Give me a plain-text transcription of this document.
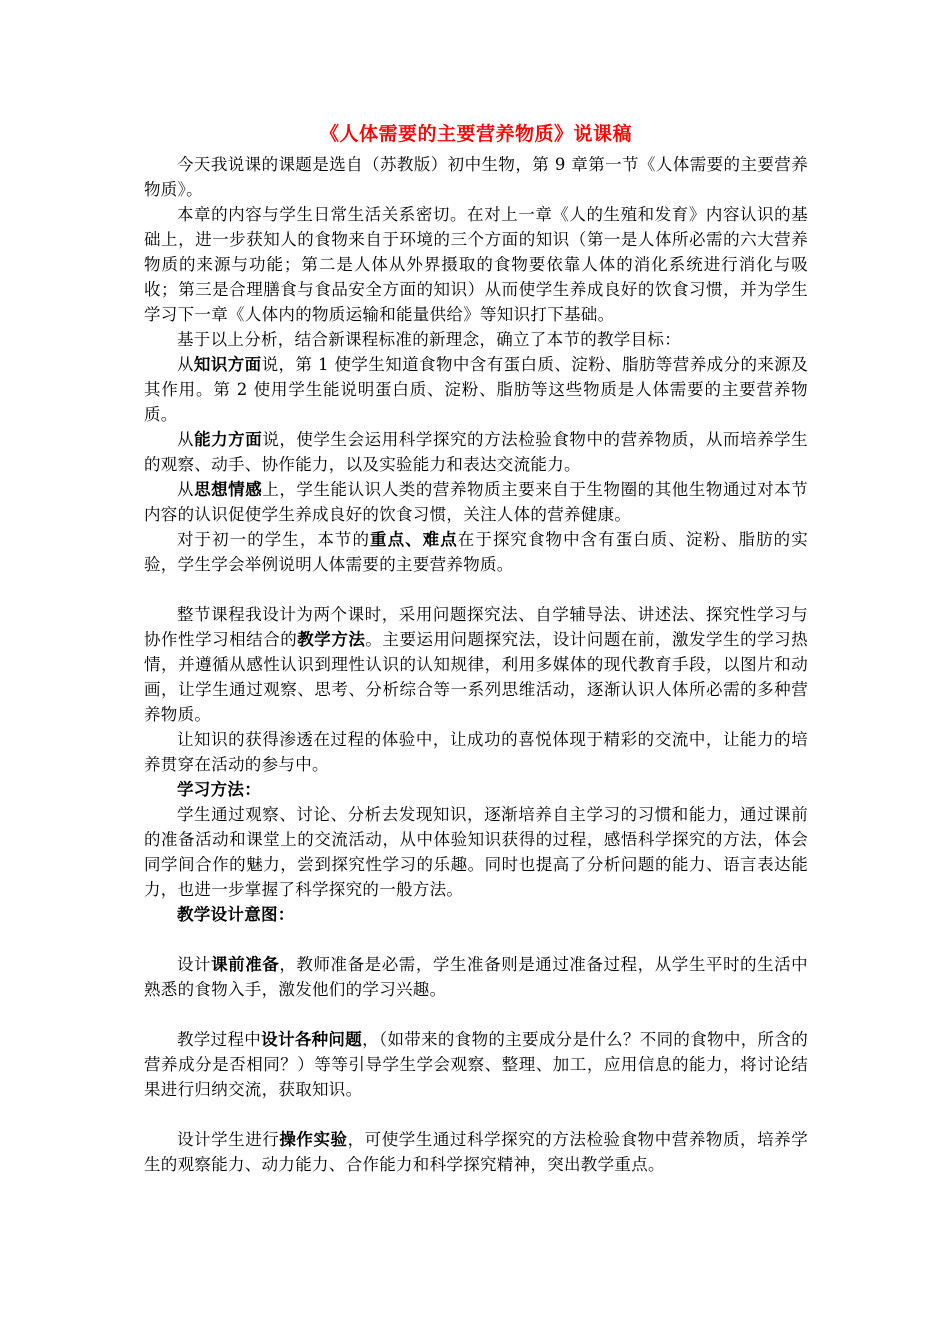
《人体需要的主要营养物质》说课稿

今天我说课的课题是选自（苏教版）初中生物，第 9 章第一节《人体需要的主要营养物质》。

本章的内容与学生日常生活关系密切。在对上一章《人的生殖和发育》内容认识的基础上，进一步获知人的食物来自于环境的三个方面的知识（第一是人体所必需的六大营养物质的来源与功能；第二是人体从外界摄取的食物要依靠人体的消化系统进行消化与吸收；第三是合理膳食与食品安全方面的知识）从而使学生养成良好的饮食习惯，并为学生学习下一章《人体内的物质运输和能量供给》等知识打下基础。

基于以上分析，结合新课程标准的新理念，确立了本节的教学目标：

从知识方面说，第 1 使学生知道食物中含有蛋白质、淀粉、脂肪等营养成分的来源及其作用。第 2 使用学生能说明蛋白质、淀粉、脂肪等这些物质是人体需要的主要营养物质。

从能力方面说，使学生会运用科学探究的方法检验食物中的营养物质，从而培养学生的观察、动手、协作能力，以及实验能力和表达交流能力。

从思想情感上，学生能认识人类的营养物质主要来自于生物圈的其他生物通过对本节内容的认识促使学生养成良好的饮食习惯，关注人体的营养健康。

对于初一的学生，本节的重点、难点在于探究食物中含有蛋白质、淀粉、脂肪的实验，学生学会举例说明人体需要的主要营养物质。

整节课程我设计为两个课时，采用问题探究法、自学辅导法、讲述法、探究性学习与协作性学习相结合的教学方法。主要运用问题探究法，设计问题在前，激发学生的学习热情，并遵循从感性认识到理性认识的认知规律，利用多媒体的现代教育手段，以图片和动画，让学生通过观察、思考、分析综合等一系列思维活动，逐渐认识人体所必需的多种营养物质。

让知识的获得渗透在过程的体验中，让成功的喜悦体现于精彩的交流中，让能力的培养贯穿在活动的参与中。

学习方法：

学生通过观察、讨论、分析去发现知识，逐渐培养自主学习的习惯和能力，通过课前的准备活动和课堂上的交流活动，从中体验知识获得的过程，感悟科学探究的方法，体会同学间合作的魅力，尝到探究性学习的乐趣。同时也提高了分析问题的能力、语言表达能力，也进一步掌握了科学探究的一般方法。

教学设计意图：

设计课前准备，教师准备是必需，学生准备则是通过准备过程，从学生平时的生活中熟悉的食物入手，激发他们的学习兴趣。

教学过程中设计各种问题，（如带来的食物的主要成分是什么？不同的食物中，所含的营养成分是否相同？）等等引导学生学会观察、整理、加工，应用信息的能力，将讨论结果进行归纳交流，获取知识。

设计学生进行操作实验，可使学生通过科学探究的方法检验食物中营养物质，培养学生的观察能力、动力能力、合作能力和科学探究精神，突出教学重点。
